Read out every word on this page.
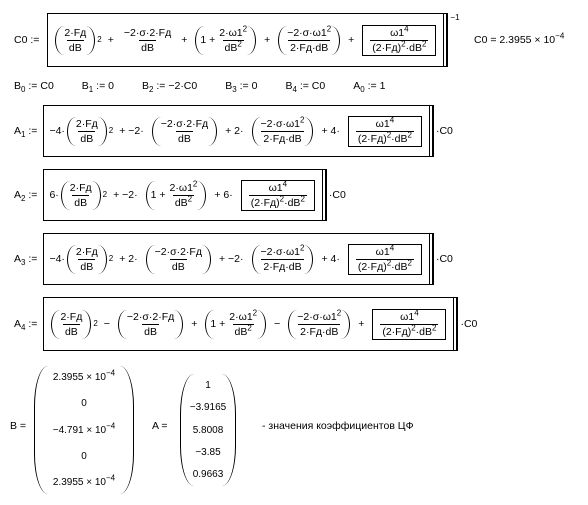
C0 := $\frac{2\cdot Fд}{dB} 2 + \frac{-2\cdot\sigma\cdot 2\cdot Fд}{dB} + 1 + \frac{2\cdot\omega 1^2}{dB^2} + \frac{-2\cdot\sigma\cdot\omega 1^2}{2\cdot Fд\cdot dB} + \frac{\omega 1^4}{(2\cdot Fд)^2\cdot dB^2}$
$^{-1}$
$C0 = 2.3955 \times 10^{-4}$
$B_0$ := C0	$B_1$ := 0	$B_2$ := −2·C0	$B_3$ := 0	$B_4$ := C0	$A_0$ := 1
$A_1$ := $-4\cdot \frac{2\cdot Fд}{dB} 2 + -2\cdot \frac{-2\cdot\sigma\cdot 2\cdot Fд}{dB} + 2\cdot \frac{-2\cdot\sigma\cdot\omega 1^2}{2\cdot Fд\cdot dB} + 4\cdot \frac{\omega 1^4}{(2\cdot Fд)^2\cdot dB^2} \cdot C0$
$A_2$ := $6\cdot \frac{2\cdot Fд}{dB} 2 + -2\cdot 1 + \frac{2\cdot\omega 1^2}{dB^2} + 6\cdot \frac{\omega 1^4}{(2\cdot Fд)^2\cdot dB^2} \cdot C0$
$A_3$ := $-4\cdot \frac{2\cdot Fд}{dB} 2 + 2\cdot \frac{-2\cdot\sigma\cdot 2\cdot Fд}{dB} + -2\cdot \frac{-2\cdot\sigma\cdot\omega 1^2}{2\cdot Fд\cdot dB} + 4\cdot \frac{\omega 1^4}{(2\cdot Fд)^2\cdot dB^2} \cdot C0$
$A_4$ := $\frac{2\cdot Fд}{dB} 2 - \frac{-2\cdot\sigma\cdot 2\cdot Fд}{dB} + 1 + \frac{2\cdot\omega 1^2}{dB^2} - \frac{-2\cdot\sigma\cdot\omega 1^2}{2\cdot Fд\cdot dB} + \frac{\omega 1^4}{(2\cdot Fд)^2\cdot dB^2} \cdot C0$
B =
$2.3955 \times 10^{-4}$
0
$-4.791 \times 10^{-4}$
0
$2.3955 \times 10^{-4}$
A =
1
−3.9165
5.8008
−3.85
0.9663
- значения коэффициентов ЦФ
